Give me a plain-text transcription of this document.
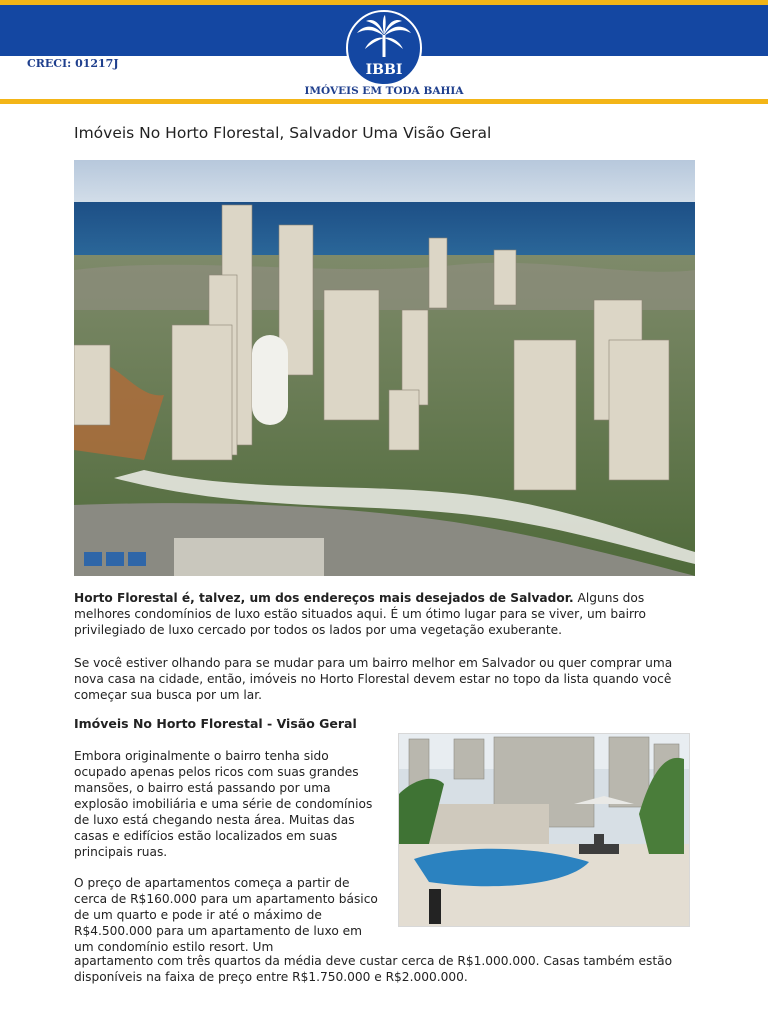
CRECI: 01217J	IBBI
IMÓVEIS EM TODA BAHIA
Imóveis No Horto Florestal, Salvador Uma Visão Geral
Horto Florestal é, talvez, um dos endereços mais desejados de Salvador. Alguns dos melhores condomínios de luxo estão situados aqui. É um ótimo lugar para se viver, um bairro privilegiado de luxo cercado por todos os lados por uma vegetação exuberante.
Se você estiver olhando para se mudar para um bairro melhor em Salvador ou quer comprar uma nova casa na cidade, então, imóveis no Horto Florestal devem estar no topo da lista quando você começar sua busca por um lar.
Imóveis No Horto Florestal - Visão Geral
Embora originalmente o bairro tenha sido ocupado apenas pelos ricos com suas grandes mansões, o bairro está passando por uma explosão imobiliária e uma série de condomínios de luxo está chegando nesta área. Muitas das casas e edifícios estão localizados em suas principais ruas.
O preço de apartamentos começa a partir de cerca de R$160.000 para um apartamento básico de um quarto e pode ir até o máximo de R$4.500.000 para um apartamento de luxo em um condomínio estilo resort. Um
apartamento com três quartos da média deve custar cerca de R$1.000.000. Casas também estão disponíveis na faixa de preço entre R$1.750.000 e R$2.000.000.
